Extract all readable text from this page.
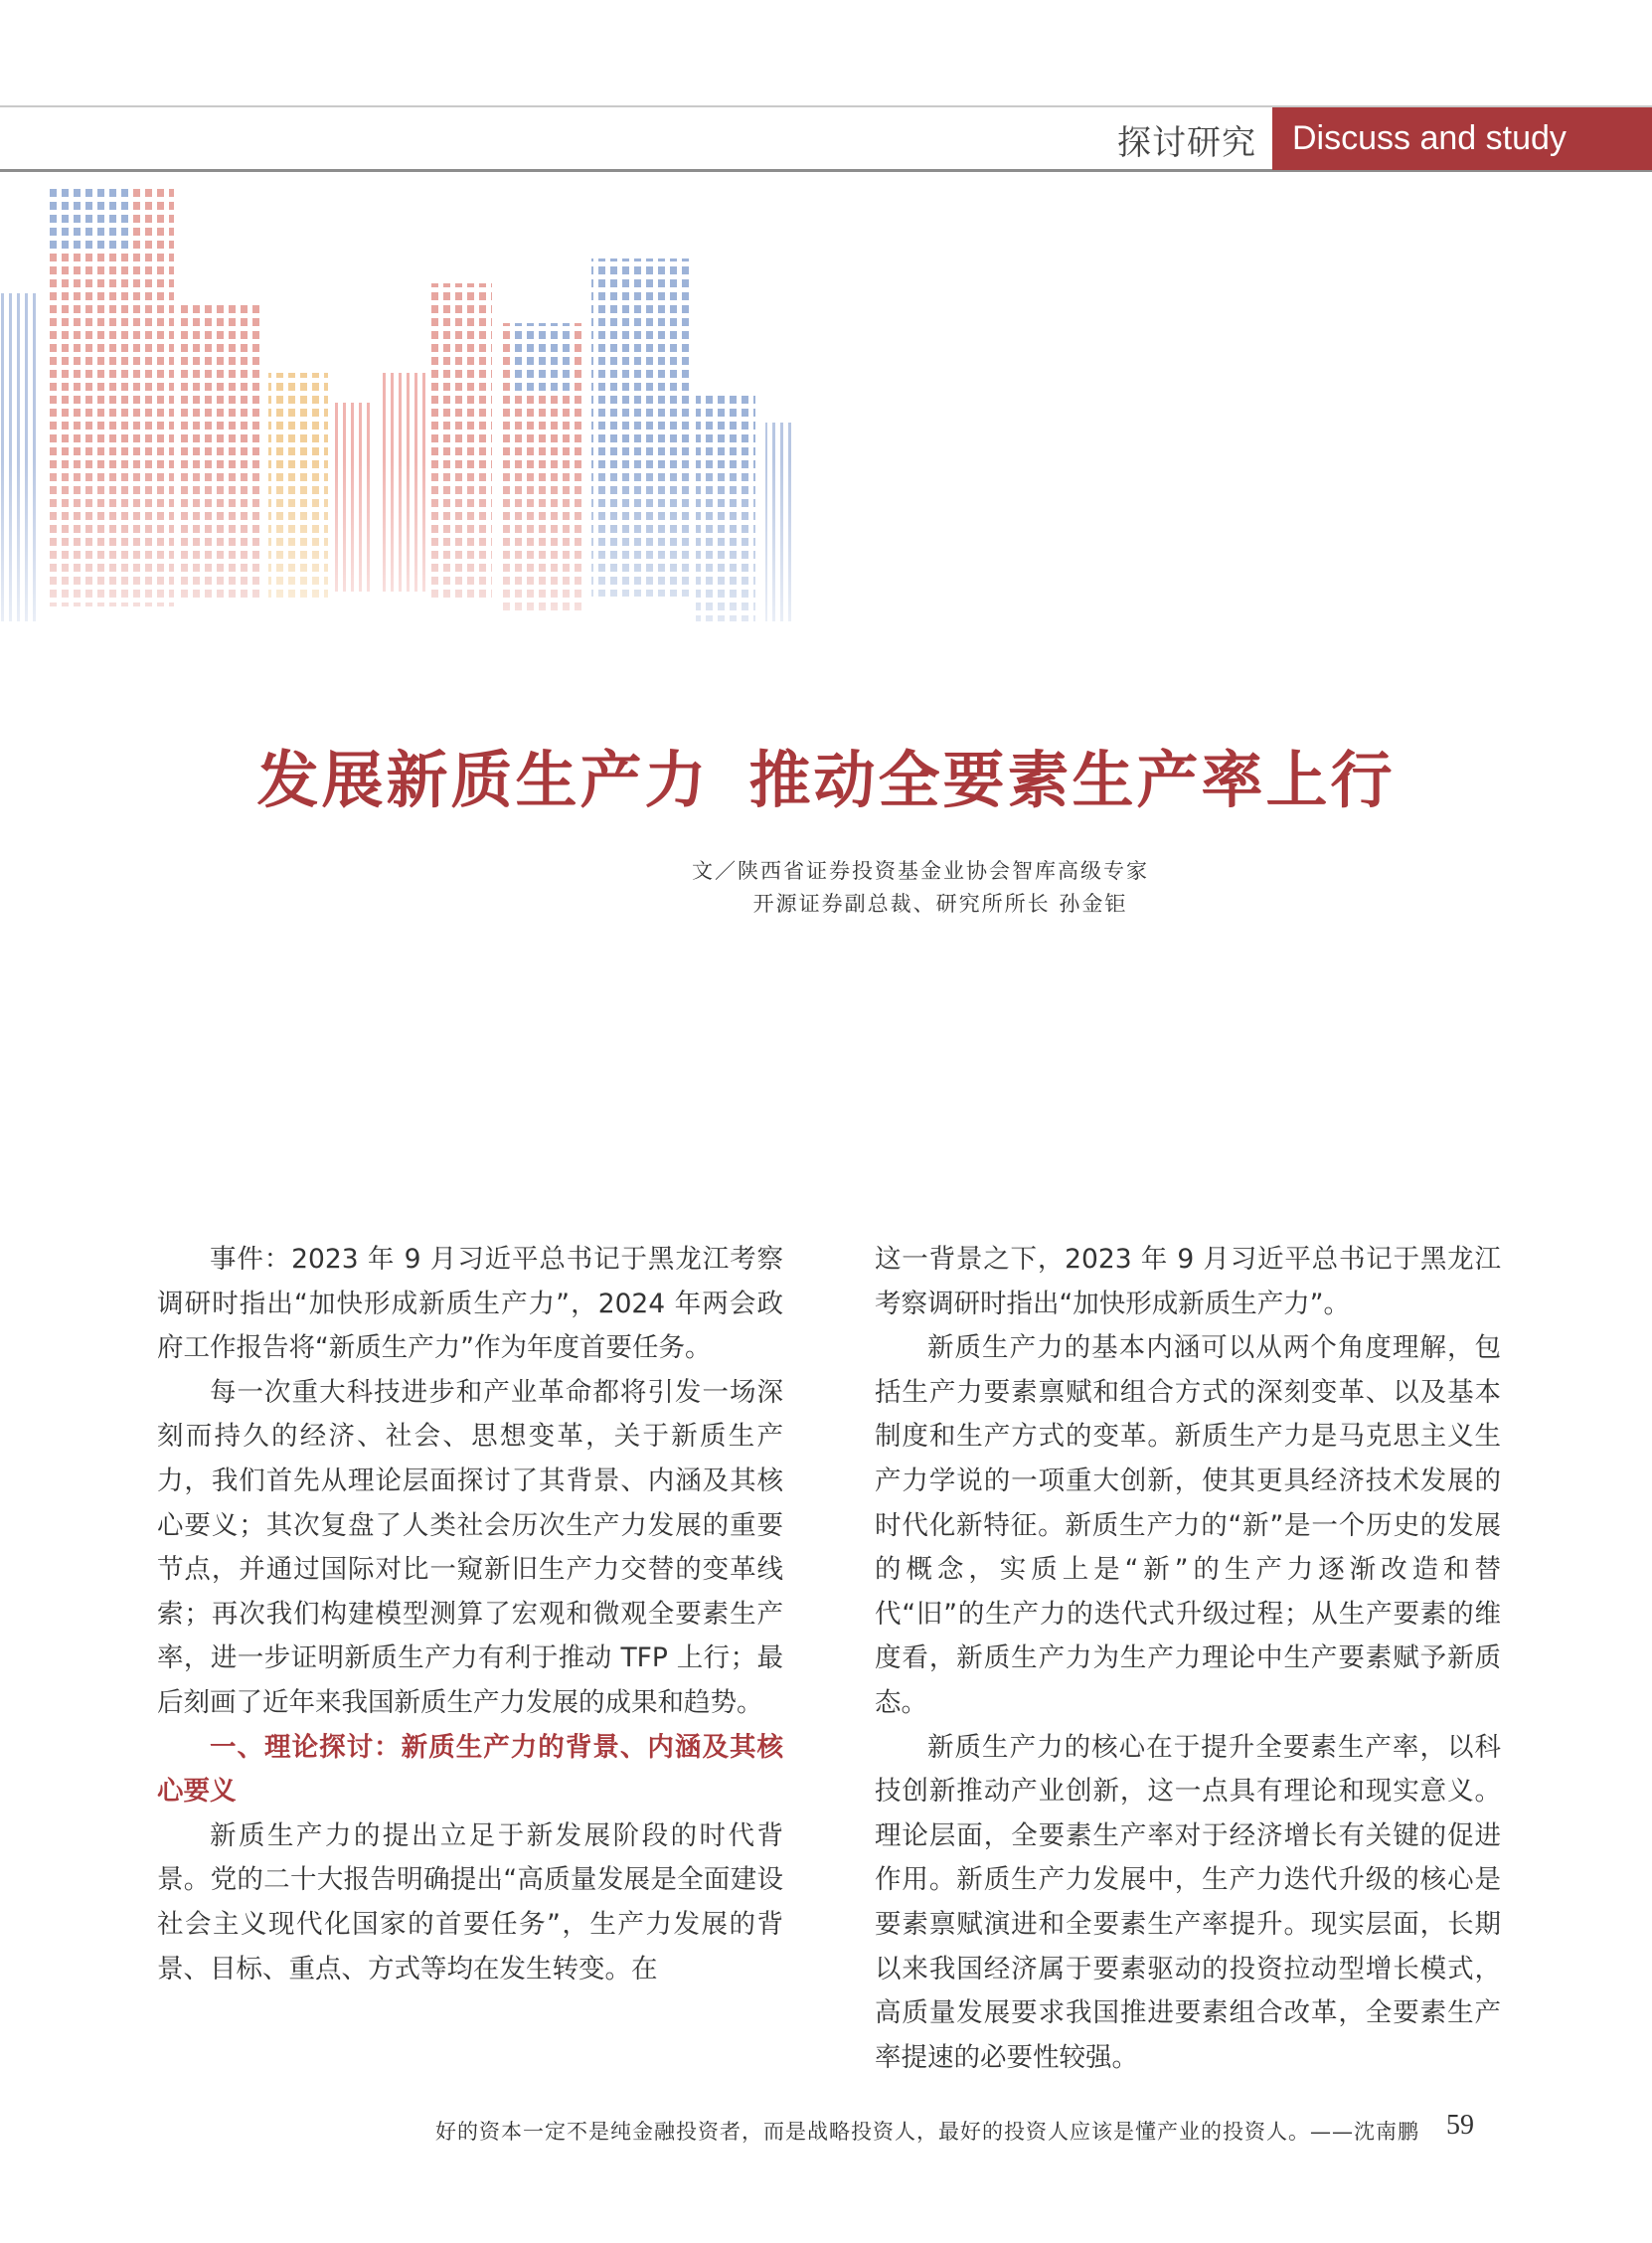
探讨研究	Discuss and study
发展新质生产力 推动全要素生产率上行
文／陕西省证券投资基金业协会智库高级专家
开源证券副总裁、研究所所长 孙金钜

事件：2023 年 9 月习近平总书记于黑龙江考察调研时指出“加快形成新质生产力”，2024 年两会政府工作报告将“新质生产力”作为年度首要任务。

每一次重大科技进步和产业革命都将引发一场深刻而持久的经济、社会、思想变革，关于新质生产力，我们首先从理论层面探讨了其背景、内涵及其核心要义；其次复盘了人类社会历次生产力发展的重要节点，并通过国际对比一窥新旧生产力交替的变革线索；再次我们构建模型测算了宏观和微观全要素生产率，进一步证明新质生产力有利于推动 TFP 上行；最后刻画了近年来我国新质生产力发展的成果和趋势。

一、理论探讨：新质生产力的背景、内涵及其核心要义

新质生产力的提出立足于新发展阶段的时代背景。党的二十大报告明确提出“高质量发展是全面建设社会主义现代化国家的首要任务”，生产力发展的背景、目标、重点、方式等均在发生转变。在

这一背景之下，2023 年 9 月习近平总书记于黑龙江考察调研时指出“加快形成新质生产力”。

新质生产力的基本内涵可以从两个角度理解，包括生产力要素禀赋和组合方式的深刻变革、以及基本制度和生产方式的变革。新质生产力是马克思主义生产力学说的一项重大创新，使其更具经济技术发展的时代化新特征。新质生产力的“新”是一个历史的发展的概念，实质上是“新”的生产力逐渐改造和替代“旧”的生产力的迭代式升级过程；从生产要素的维度看，新质生产力为生产力理论中生产要素赋予新质态。

新质生产力的核心在于提升全要素生产率，以科技创新推动产业创新，这一点具有理论和现实意义。理论层面，全要素生产率对于经济增长有关键的促进作用。新质生产力发展中，生产力迭代升级的核心是要素禀赋演进和全要素生产率提升。现实层面，长期以来我国经济属于要素驱动的投资拉动型增长模式，高质量发展要求我国推进要素组合改革，全要素生产率提速的必要性较强。

好的资本一定不是纯金融投资者，而是战略投资人，最好的投资人应该是懂产业的投资人。——沈南鹏 59
